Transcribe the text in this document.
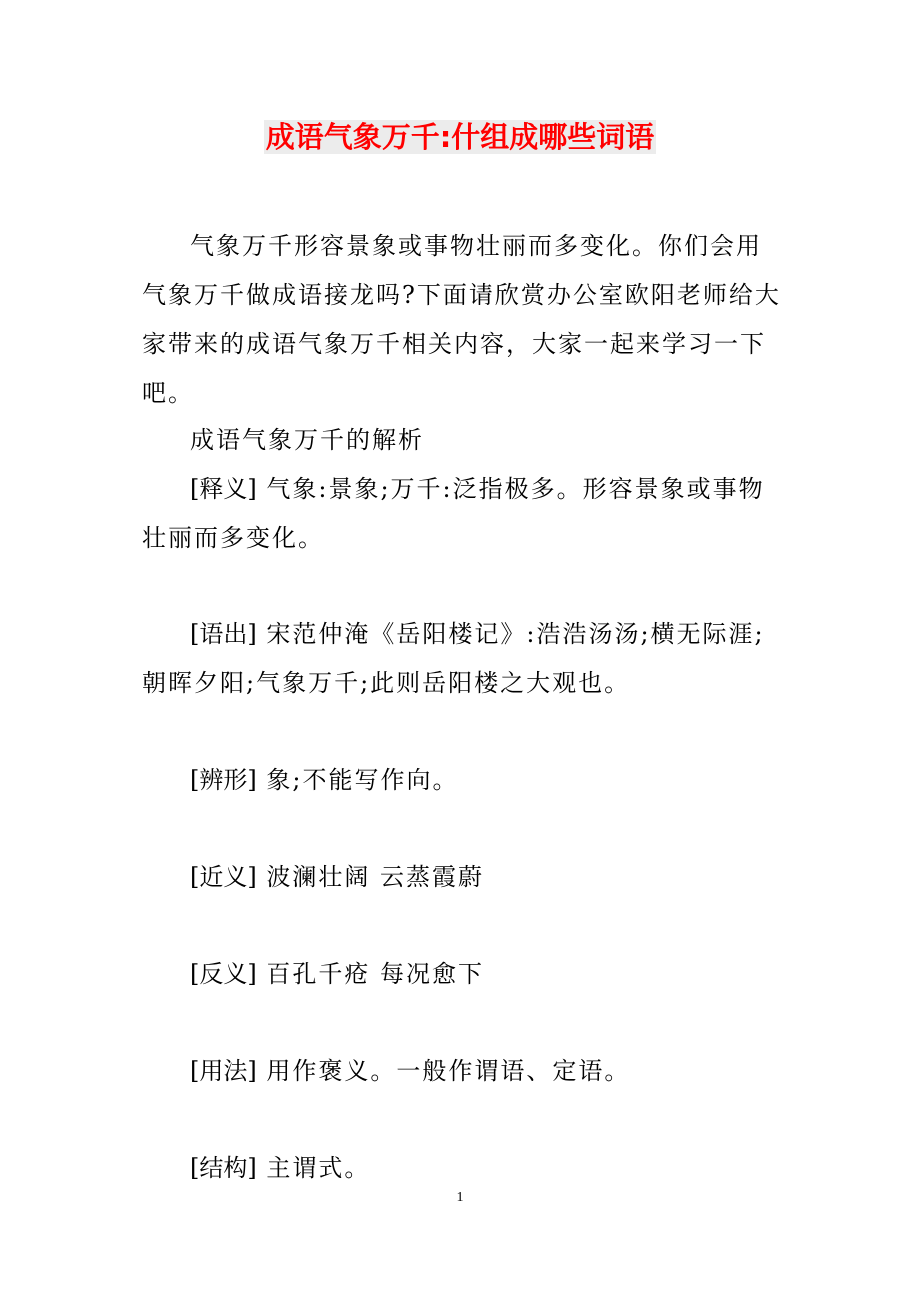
成语气象万千:什组成哪些词语
气象万千形容景象或事物壮丽而多变化。你们会用气象万千做成语接龙吗?下面请欣赏办公室欧阳老师给大家带来的成语气象万千相关内容，大家一起来学习一下吧。
成语气象万千的解析
[释义] 气象:景象;万千:泛指极多。形容景象或事物壮丽而多变化。
[语出] 宋范仲淹《岳阳楼记》:浩浩汤汤;横无际涯;朝晖夕阳;气象万千;此则岳阳楼之大观也。
[辨形] 象;不能写作向。
[近义] 波澜壮阔 云蒸霞蔚
[反义] 百孔千疮 每况愈下
[用法] 用作褒义。一般作谓语、定语。
[结构] 主谓式。
1
